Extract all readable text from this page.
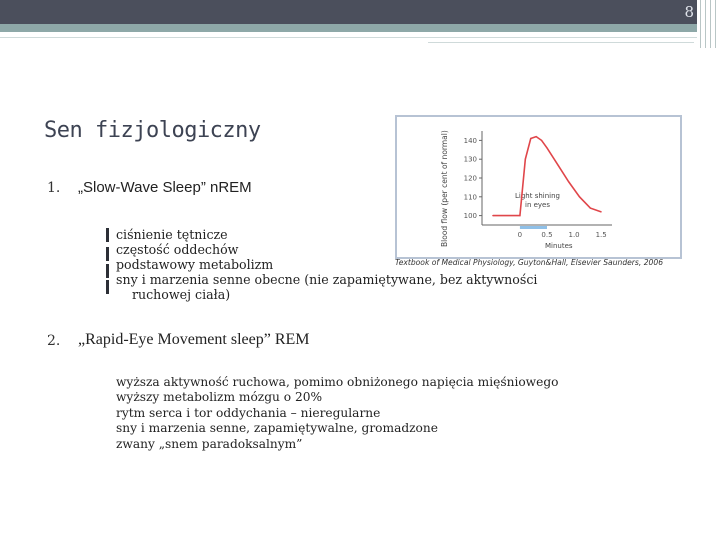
8
Sen fizjologiczny
1. „Slow-Wave Sleep” nREM
ciśnienie tętnicze
częstość oddechów
podstawowy metabolizm
sny i marzenia senne obecne (nie zapamiętywane, bez aktywności
ruchowej ciała)
2. „Rapid-Eye Movement sleep” REM
wyższa aktywność ruchowa, pomimo obniżonego napięcia mięśniowego
wyższy metabolizm mózgu o 20%
rytm serca i tor oddychania – nieregularne
sny i marzenia senne, zapamiętywalne, gromadzone
zwany „snem paradoksalnym”
Blood flow (per cent of normal)	Minutes
Light shining
in eyes
140
130
120
110
100
0	0.5 1.0 1.5
Textbook of Medical Physiology, Guyton&Hall, Elsevier Saunders, 2006
